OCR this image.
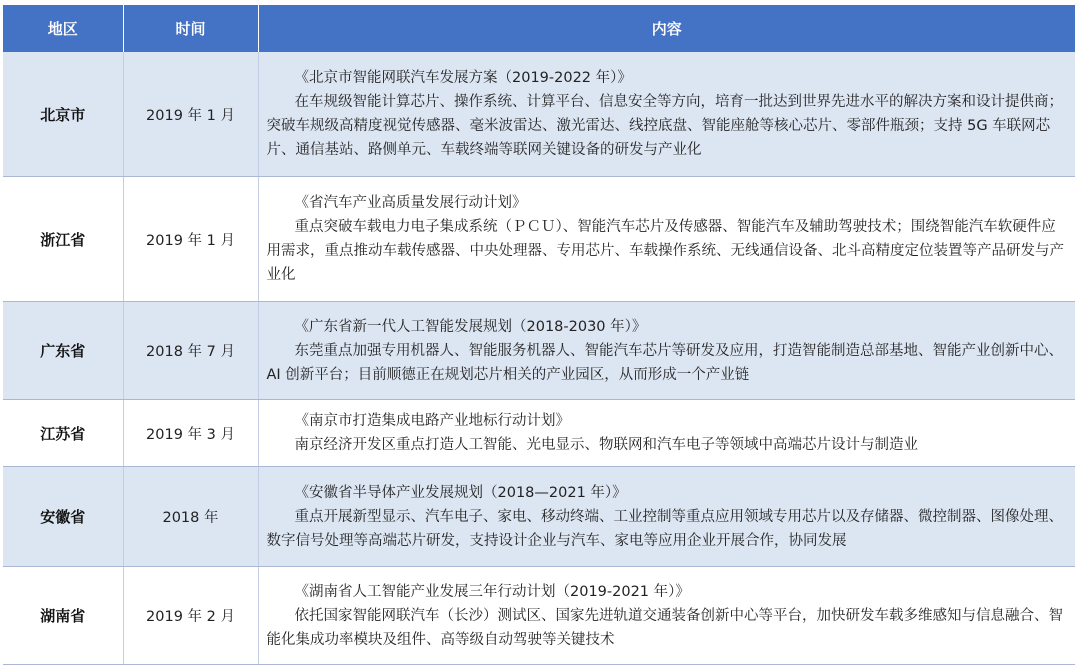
地区	时间	内容
北京市	2019 年 1 月	《北京市智能网联汽车发展方案（2019-2022 年）》
在车规级智能计算芯片、操作系统、计算平台、信息安全等方向，培育一批达到世界先进水平的解决方案和设计提供商；突破车规级高精度视觉传感器、毫米波雷达、激光雷达、线控底盘、智能座舱等核心芯片、零部件瓶颈；支持 5G 车联网芯片、通信基站、路侧单元、车载终端等联网关键设备的研发与产业化

浙江省	2019 年 1 月	《省汽车产业高质量发展行动计划》
重点突破车载电力电子集成系统（ＰＣＵ）、智能汽车芯片及传感器、智能汽车及辅助驾驶技术；围绕智能汽车软硬件应用需求，重点推动车载传感器、中央处理器、专用芯片、车载操作系统、无线通信设备、北斗高精度定位装置等产品研发与产业化

广东省	2018 年 7 月	《广东省新一代人工智能发展规划（2018-2030 年）》
东莞重点加强专用机器人、智能服务机器人、智能汽车芯片等研发及应用，打造智能制造总部基地、智能产业创新中心、AI 创新平台；目前顺德正在规划芯片相关的产业园区，从而形成一个产业链

江苏省	2019 年 3 月	《南京市打造集成电路产业地标行动计划》
南京经济开发区重点打造人工智能、光电显示、物联网和汽车电子等领域中高端芯片设计与制造业

安徽省	2018 年	《安徽省半导体产业发展规划（2018—2021 年）》
重点开展新型显示、汽车电子、家电、移动终端、工业控制等重点应用领域专用芯片以及存储器、微控制器、图像处理、数字信号处理等高端芯片研发，支持设计企业与汽车、家电等应用企业开展合作，协同发展

湖南省	2019 年 2 月	《湖南省人工智能产业发展三年行动计划（2019-2021 年）》
依托国家智能网联汽车（长沙）测试区、国家先进轨道交通装备创新中心等平台，加快研发车载多维感知与信息融合、智能化集成功率模块及组件、高等级自动驾驶等关键技术
